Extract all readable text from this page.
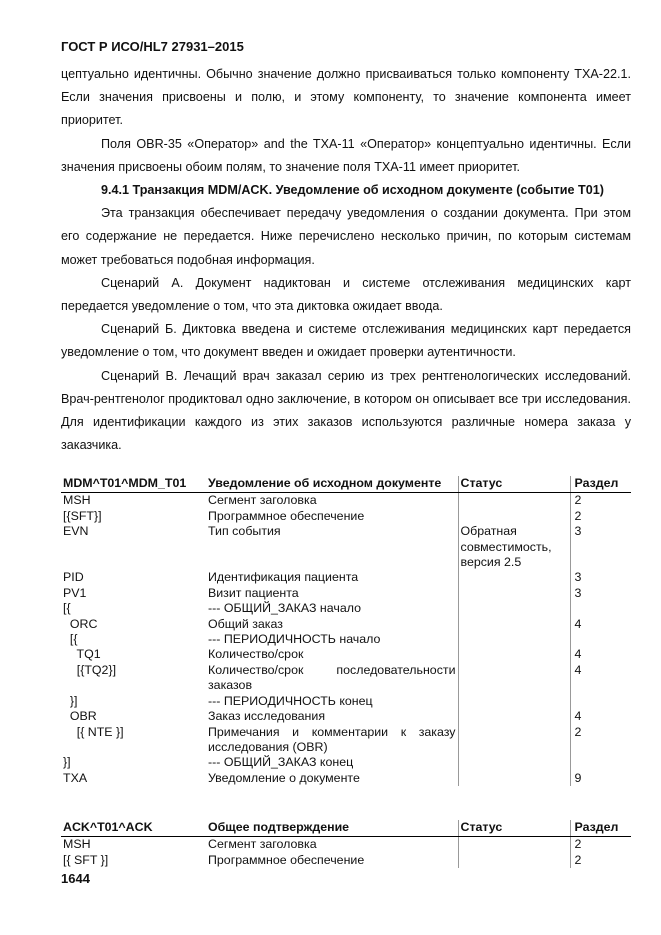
ГОСТ Р ИСО/HL7 27931–2015

цептуально идентичны. Обычно значение должно присваиваться только компоненту TXA-22.1. Если значения присвоены и полю, и этому компоненту, то значение компонента имеет приоритет.

Поля OBR-35 «Оператор» and the TXA-11 «Оператор» концептуально идентичны. Если значения присвоены обоим полям, то значение поля TXA-11 имеет приоритет.

9.4.1 Транзакция MDM/ACK. Уведомление об исходном документе (событие T01)

Эта транзакция обеспечивает передачу уведомления о создании документа. При этом его содержание не передается. Ниже перечислено несколько причин, по которым системам может требоваться подобная информация.

Сценарий А. Документ надиктован и системе отслеживания медицинских карт передается уведомление о том, что эта диктовка ожидает ввода.

Сценарий Б. Диктовка введена и системе отслеживания медицинских карт передается уведомление о том, что документ введен и ожидает проверки аутентичности.

Сценарий В. Лечащий врач заказал серию из трех рентгенологических исследований. Врач-рентгенолог продиктовал одно заключение, в котором он описывает все три исследования. Для идентификации каждого из этих заказов используются различные номера заказа у заказчика.

MDM^T01^MDM_T01	Уведомление об исходном документе	Статус	Раздел
MSH	Сегмент заголовка		2
[{SFT}]	Программное обеспечение		2
EVN	Тип события	Обратная совместимость, версия 2.5	3
PID	Идентификация пациента		3
PV1	Визит пациента		3
[{	--- ОБЩИЙ_ЗАКАЗ начало		
ORC	Общий заказ		4
[{	--- ПЕРИОДИЧНОСТЬ начало		
TQ1	Количество/срок		4
[{TQ2}]	Количество/срок последовательности заказов		4
}]	--- ПЕРИОДИЧНОСТЬ конец		
OBR	Заказ исследования		4
[{ NTE }]	Примечания и комментарии к заказу исследования (OBR)		2
}]	--- ОБЩИЙ_ЗАКАЗ конец		
TXA	Уведомление о документе		9
ACK^T01^ACK	Общее подтверждение	Статус	Раздел
MSH	Сегмент заголовка		2
[{ SFT }]	Программное обеспечение		2
1644
